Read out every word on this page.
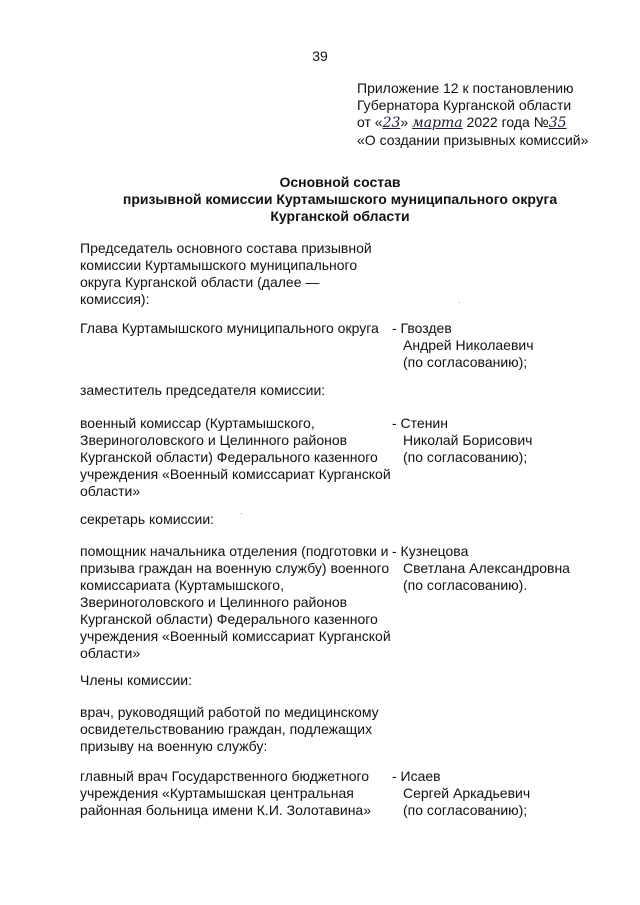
39
Приложение 12 к постановлению
Губернатора Курганской области
от «23» марта 2022 года №35
«О создании призывных комиссий»
Основной состав
призывной комиссии Куртамышского муниципального округа
Курганской области
Председатель основного состава призывной
комиссии Куртамышского муниципального
округа Курганской области (далее —
комиссия):
Глава Куртамышского муниципального округа - Гвоздев
Андрей Николаевич
(по согласованию);
заместитель председателя комиссии:
военный комиссар (Куртамышского,
Звериноголовского и Целинного районов
Курганской области) Федерального казенного
учреждения «Военный комиссариат Курганской
области»
- Стенин
Николай Борисович
(по согласованию);
секретарь комиссии:
помощник начальника отделения (подготовки и
призыва граждан на военную службу) военного
комиссариата (Куртамышского,
Звериноголовского и Целинного районов
Курганской области) Федерального казенного
учреждения «Военный комиссариат Курганской
области»
- Кузнецова
Светлана Александровна
(по согласованию).
Члены комиссии:
врач, руководящий работой по медицинскому
освидетельствованию граждан, подлежащих
призыву на военную службу:
главный врач Государственного бюджетного
учреждения «Куртамышская центральная
районная больница имени К.И. Золотавина»
- Исаев
Сергей Аркадьевич
(по согласованию);
